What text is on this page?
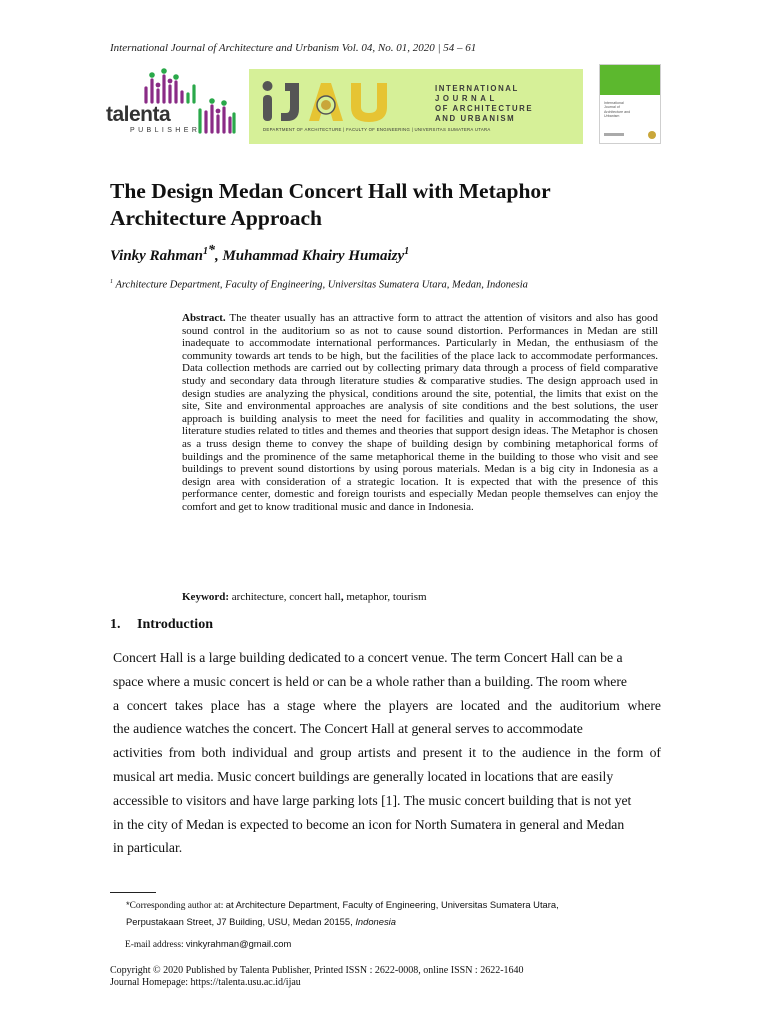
International Journal of Architecture and Urbanism Vol. 04, No. 01, 2020 | 54 – 61
talenta
PUBLISHER
INTERNATIONAL
JOURNAL
OF ARCHITECTURE
AND URBANISM
DEPARTMENT OF ARCHITECTURE | FACULTY OF ENGINEERING | UNIVERSITAS SUMATERA UTARA
International
Journal of
Architecture and
Urbanism
The Design Medan Concert Hall with Metaphor Architecture Approach
Vinky Rahman$^1$*, Muhammad Khairy Humaizy$^1$
$^1$ Architecture Department, Faculty of Engineering, Universitas Sumatera Utara, Medan, Indonesia
Abstract. The theater usually has an attractive form to attract the attention of visitors and also has good sound control in the auditorium so as not to cause sound distortion. Performances in Medan are still inadequate to accommodate international performances. Particularly in Medan, the enthusiasm of the community towards art tends to be high, but the facilities of the place lack to accommodate performances. Data collection methods are carried out by collecting primary data through a process of field comparative study and secondary data through literature studies & comparative studies. The design approach used in design studies are analyzing the physical, conditions around the site, potential, the limits that exist on the site, Site and environmental approaches are analysis of site conditions and the best solutions, the user approach is building analysis to meet the need for facilities and quality in accommodating the show, literature studies related to titles and themes and theories that support design ideas. The Metaphor is chosen as a truss design theme to convey the shape of building design by combining metaphorical forms of buildings and the prominence of the same metaphorical theme in the building to those who visit and see buildings to prevent sound distortions by using porous materials. Medan is a big city in Indonesia as a design area with consideration of a strategic location. It is expected that with the presence of this performance center, domestic and foreign tourists and especially Medan people themselves can enjoy the comfort and get to know traditional music and dance in Indonesia.
Keyword: architecture, concert hall, metaphor, tourism
1. Introduction
Concert Hall is a large building dedicated to a concert venue. The term Concert Hall can be a
space where a music concert is held or can be a whole rather than a building. The room where
a concert takes place has a stage where the players are located and the auditorium where
the audience watches the concert. The Concert Hall at general serves to accommodate
activities from both individual and group artists and present it to the audience in the form of
musical art media. Music concert buildings are generally located in locations that are easily
accessible to visitors and have large parking lots [1]. The music concert building that is not yet
in the city of Medan is expected to become an icon for North Sumatera in general and Medan
in particular.
*Corresponding author at: at Architecture Department, Faculty of Engineering, Universitas Sumatera Utara,
Perpustakaan Street, J7 Building, USU, Medan 20155, Indonesia
E-mail address: vinkyrahman@gmail.com
Copyright © 2020 Published by Talenta Publisher, Printed ISSN : 2622-0008, online ISSN : 2622-1640
Journal Homepage: https://talenta.usu.ac.id/ijau
